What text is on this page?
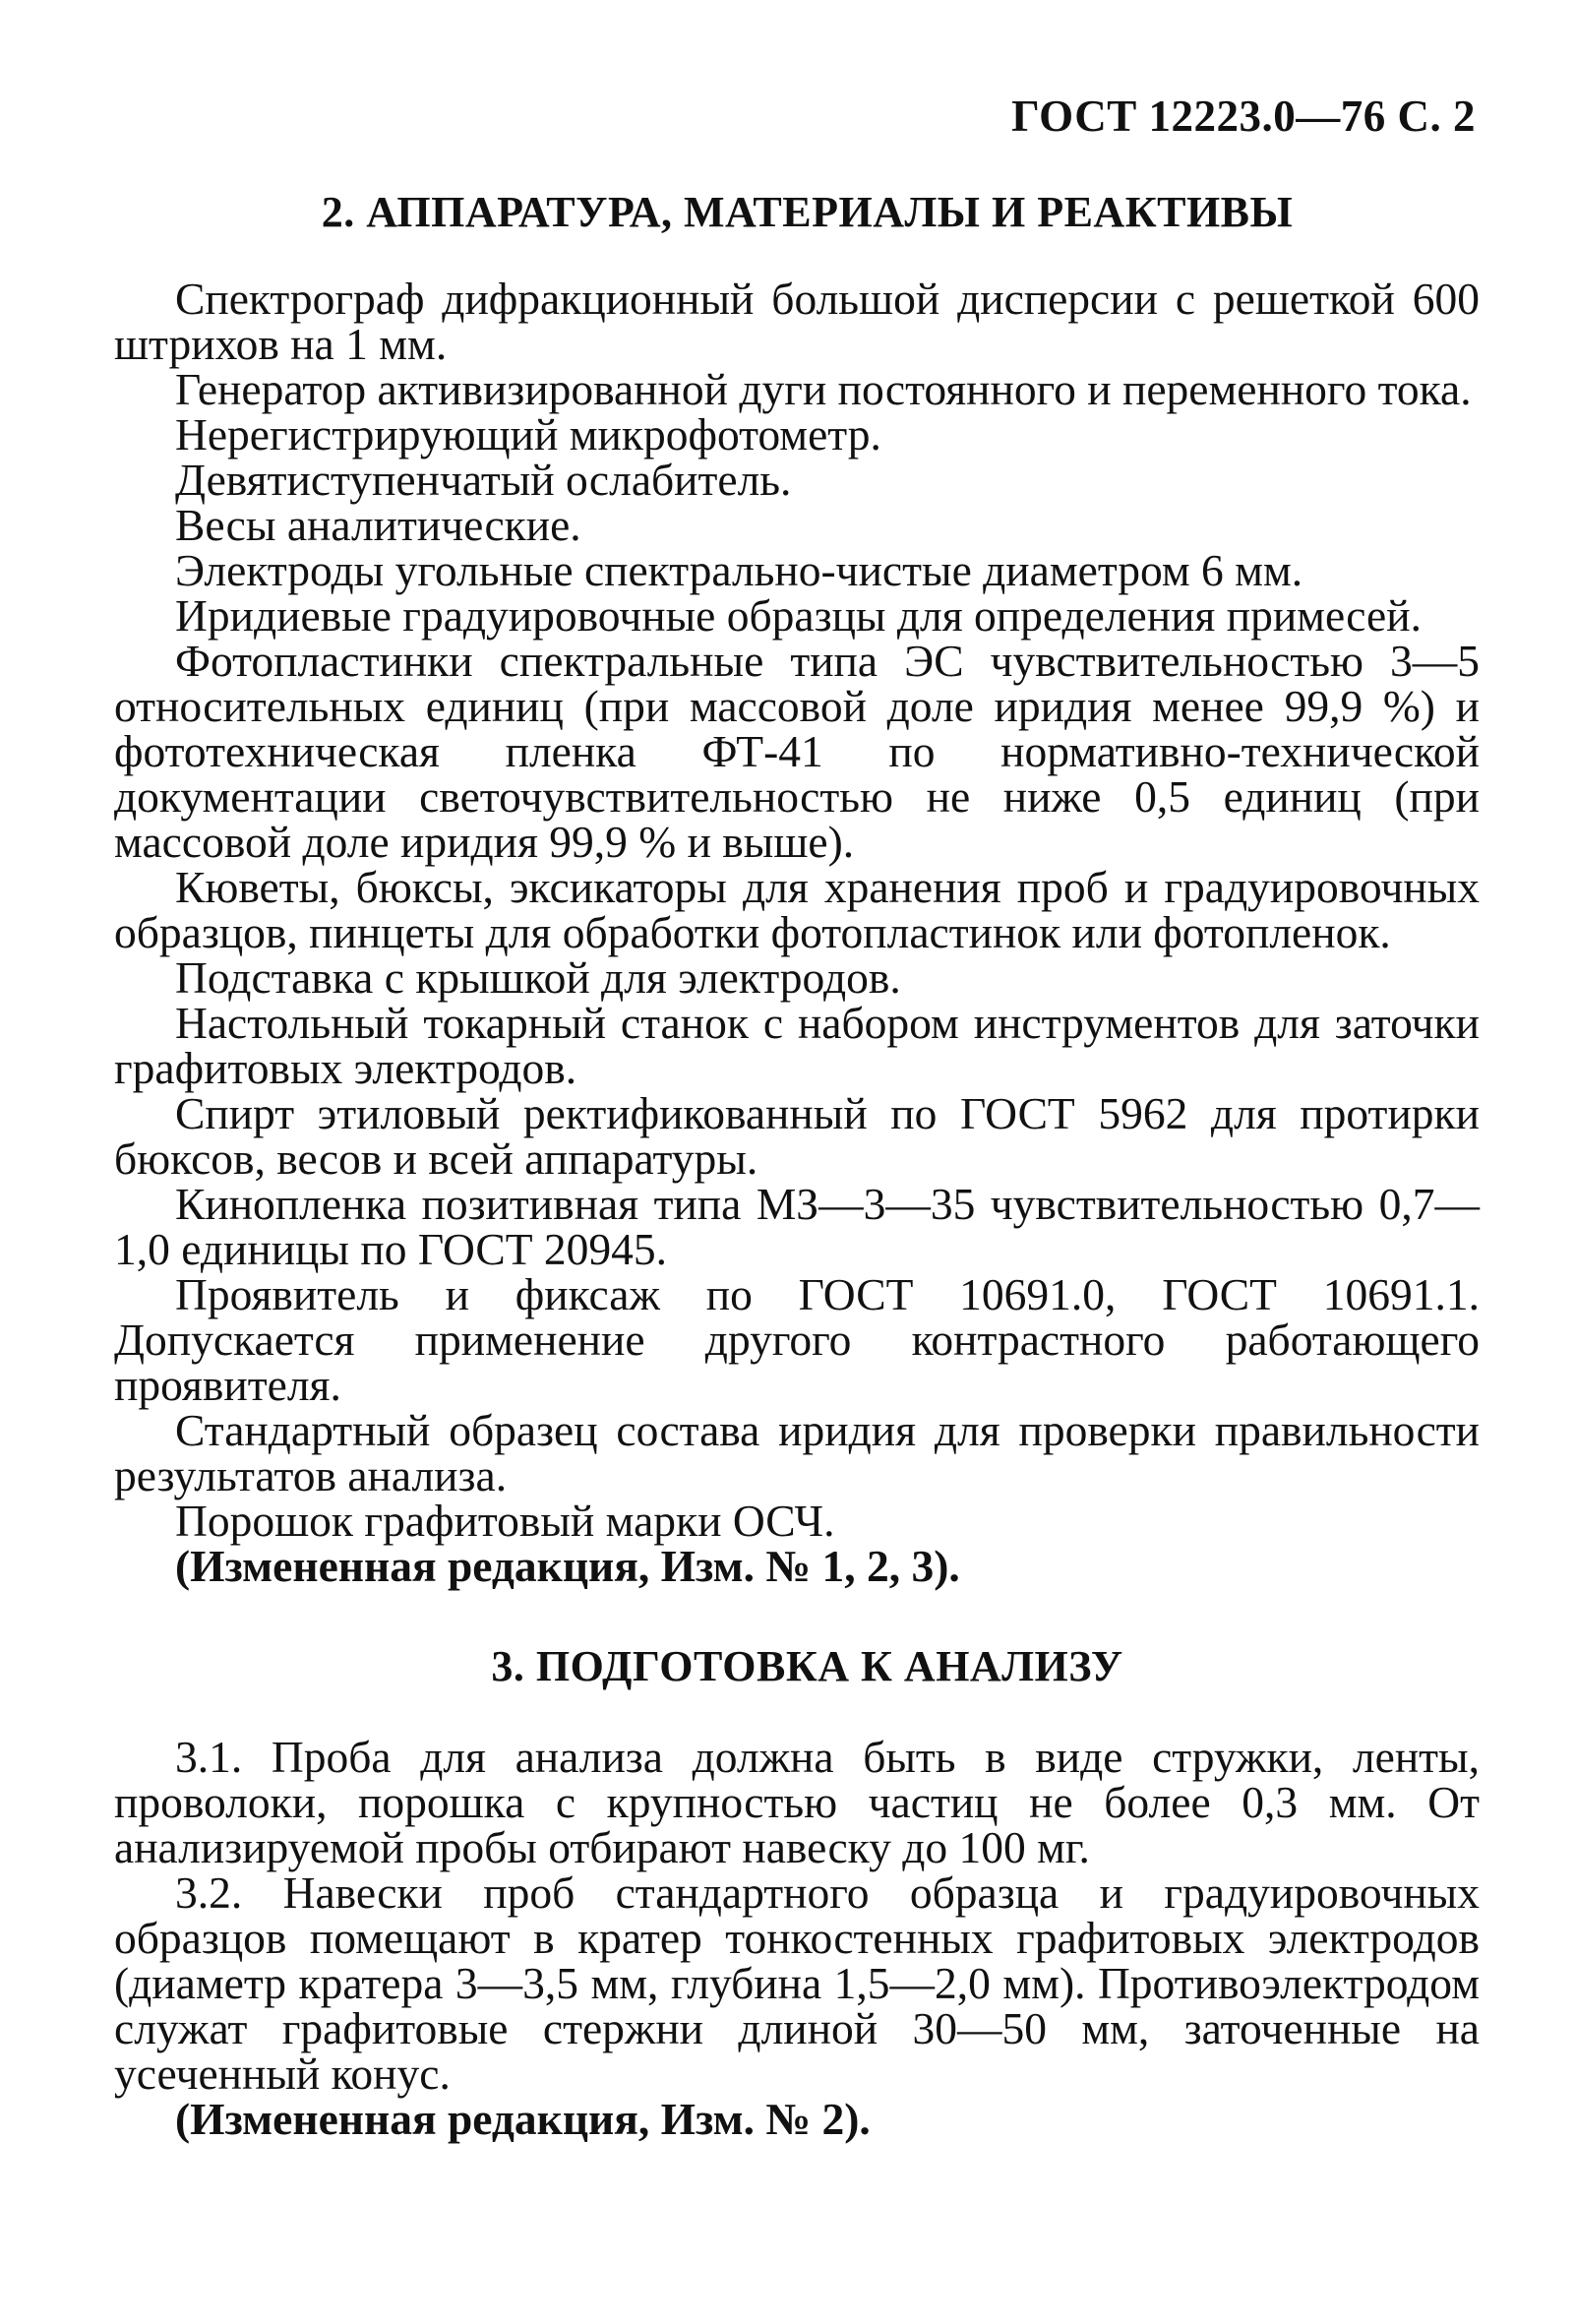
ГОСТ 12223.0—76 С. 2
2. АППАРАТУРА, МАТЕРИАЛЫ И РЕАКТИВЫ

Спектрограф дифракционный большой дисперсии с решеткой 600 штрихов на 1 мм.

Генератор активизированной дуги постоянного и переменного тока.

Нерегистрирующий микрофотометр.

Девятиступенчатый ослабитель.

Весы аналитические.

Электроды угольные спектрально-чистые диаметром 6 мм.

Иридиевые градуировочные образцы для определения примесей.

Фотопластинки спектральные типа ЭС чувствительностью 3—5 относительных единиц (при массовой доле иридия менее 99,9 %) и фототехническая пленка ФТ-41 по нормативно-технической документации светочувствительностью не ниже 0,5 единиц (при массовой доле иридия 99,9 % и выше).

Кюветы, бюксы, эксикаторы для хранения проб и градуировочных образцов, пинцеты для обработки фотопластинок или фотопленок.

Подставка с крышкой для электродов.

Настольный токарный станок с набором инструментов для заточки графитовых электродов.

Спирт этиловый ректификованный по ГОСТ 5962 для протирки бюксов, весов и всей аппаратуры.

Кинопленка позитивная типа МЗ—3—35 чувствительностью 0,7—1,0 единицы по ГОСТ 20945.

Проявитель и фиксаж по ГОСТ 10691.0, ГОСТ 10691.1. Допускается применение другого контрастного работающего проявителя.

Стандартный образец состава иридия для проверки правильности результатов анализа.

Порошок графитовый марки ОСЧ.

(Измененная редакция, Изм. № 1, 2, 3).

3. ПОДГОТОВКА К АНАЛИЗУ

3.1. Проба для анализа должна быть в виде стружки, ленты, проволоки, порошка с крупностью частиц не более 0,3 мм. От анализируемой пробы отбирают навеску до 100 мг.

3.2. Навески проб стандартного образца и градуировочных образцов помещают в кратер тонкостенных графитовых электродов (диаметр кратера 3—3,5 мм, глубина 1,5—2,0 мм). Противоэлектродом служат графитовые стержни длиной 30—50 мм, заточенные на усеченный конус.

(Измененная редакция, Изм. № 2).
